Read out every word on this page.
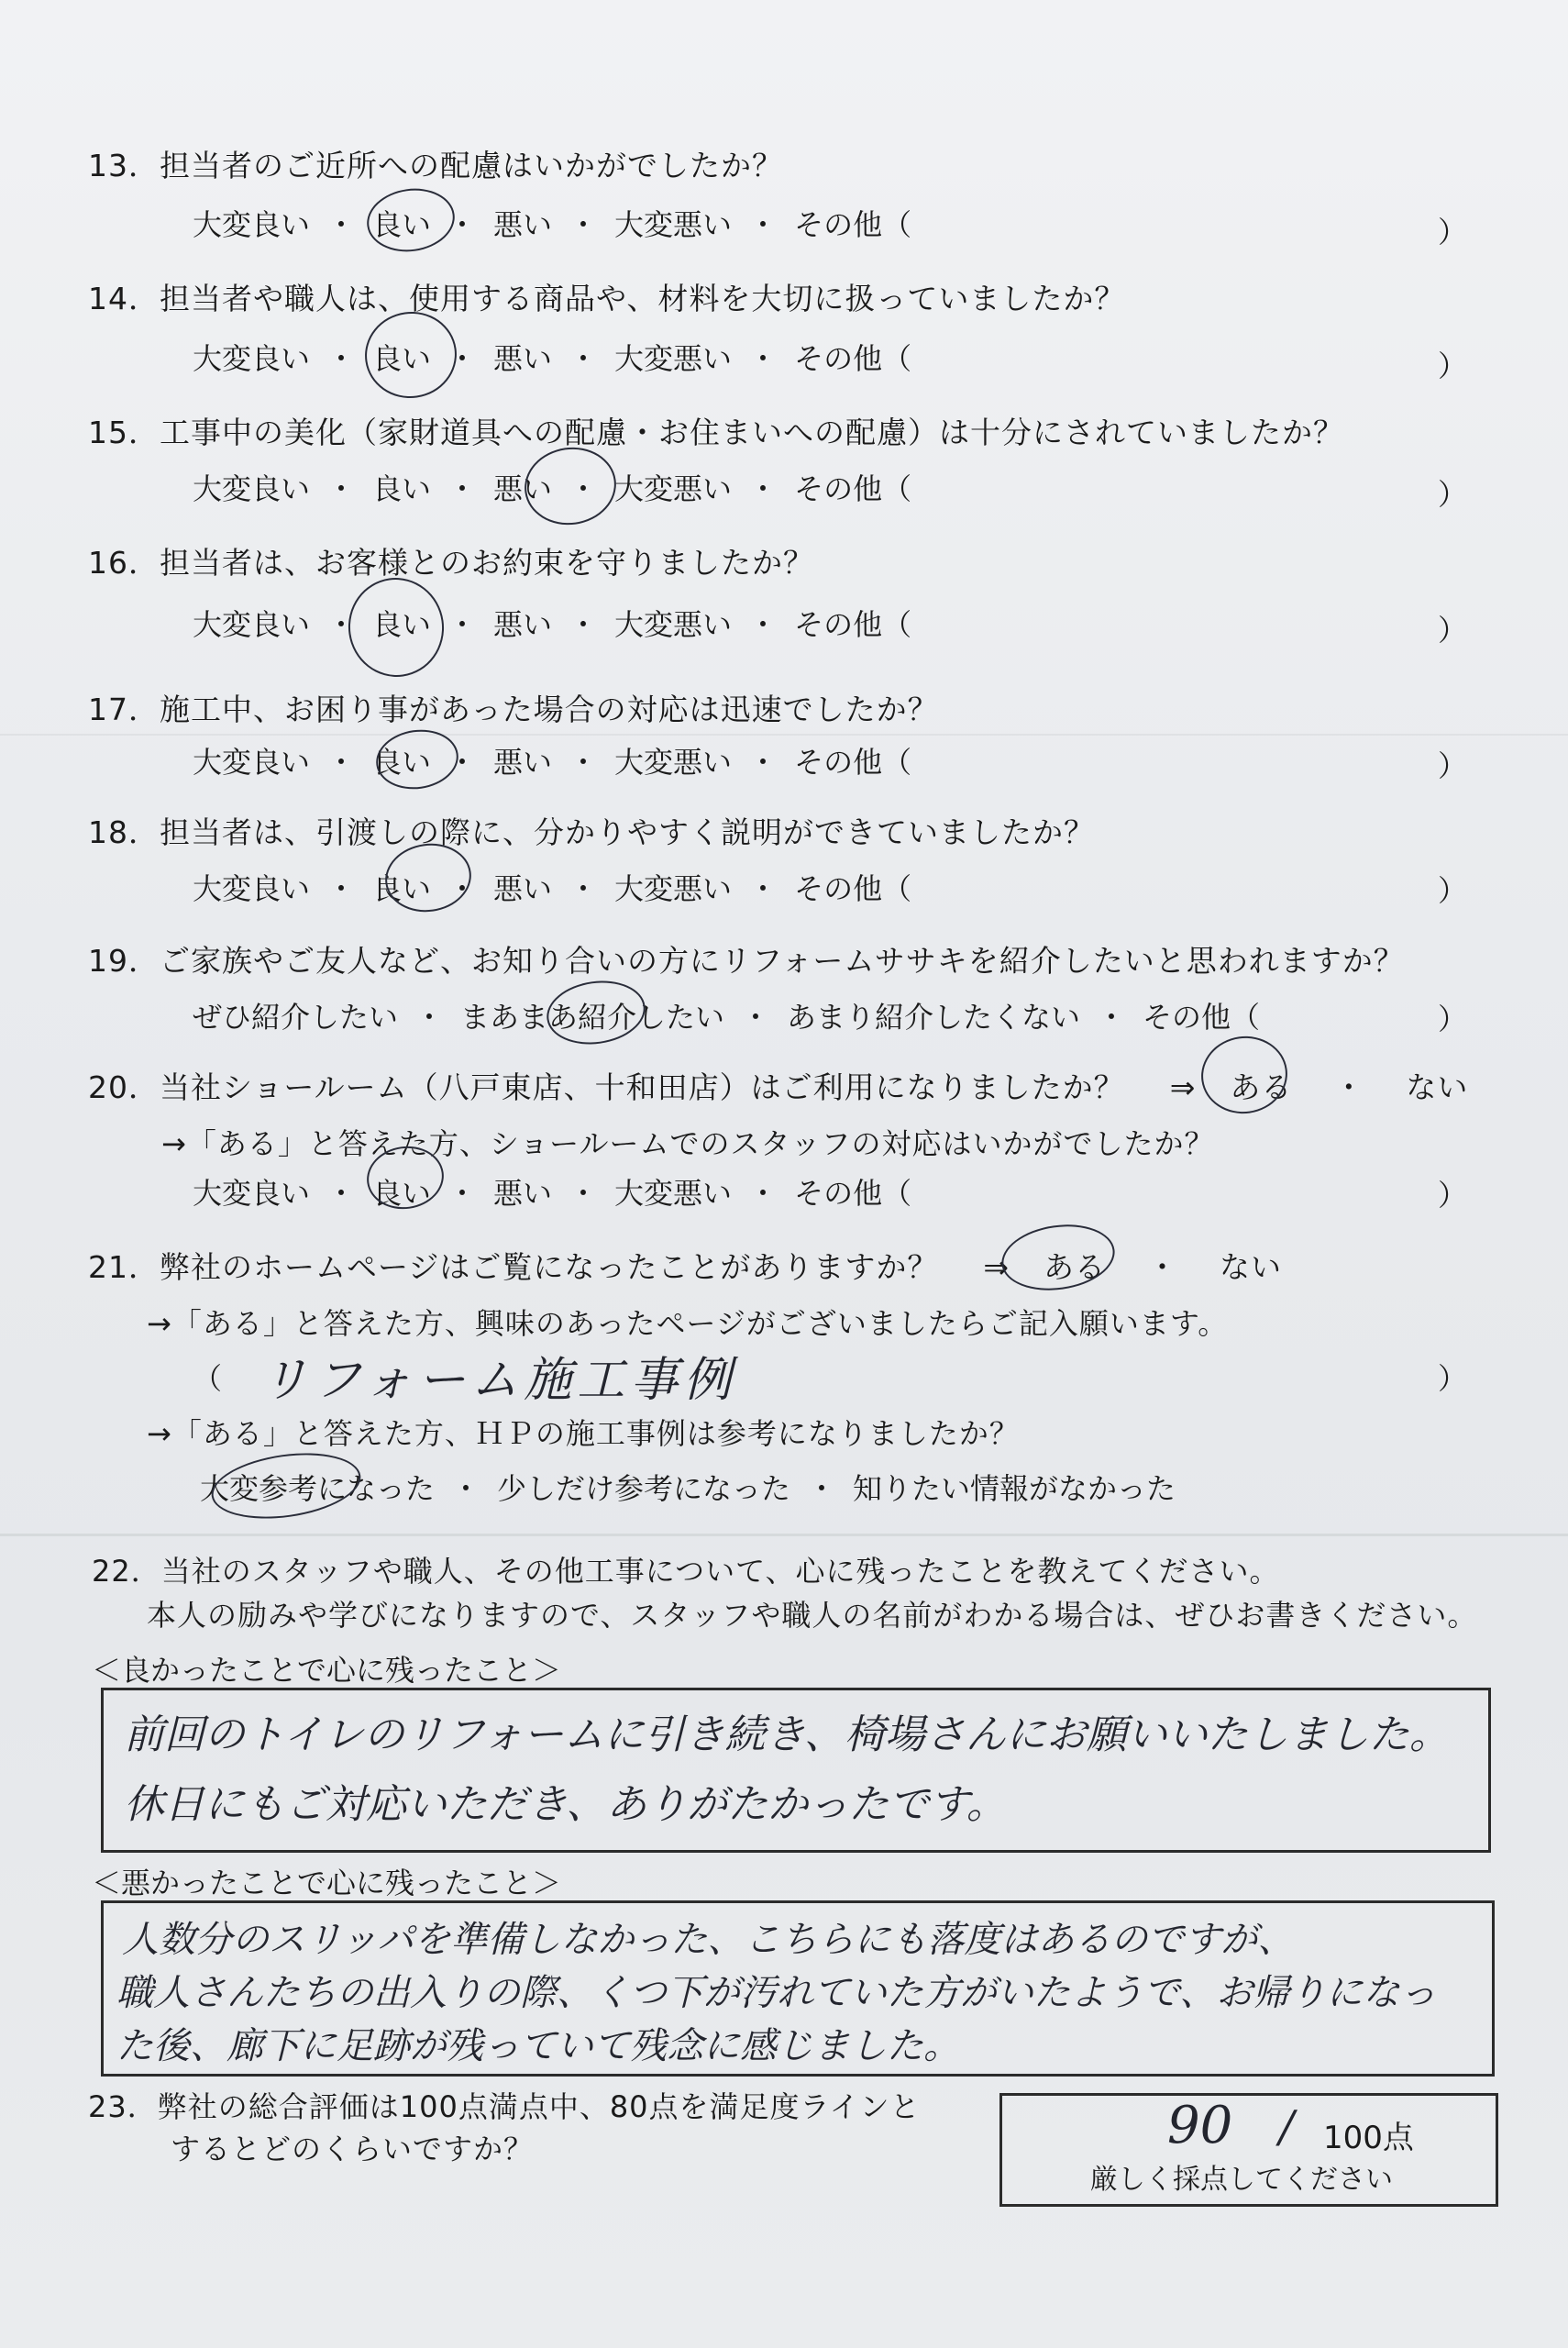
13．担当者のご近所への配慮はいかがでしたか？
大変良い ・ 良い ・ 悪い ・ 大変悪い ・ その他（	）
14．担当者や職人は、使用する商品や、材料を大切に扱っていましたか？
大変良い ・ 良い ・ 悪い ・ 大変悪い ・ その他（	）
15．工事中の美化（家財道具への配慮・お住まいへの配慮）は十分にされていましたか？
大変良い ・ 良い ・ 悪い ・ 大変悪い ・ その他（	）
16．担当者は、お客様とのお約束を守りましたか？
大変良い ・ 良い ・ 悪い ・ 大変悪い ・ その他（	）
17．施工中、お困り事があった場合の対応は迅速でしたか？
大変良い ・ 良い ・ 悪い ・ 大変悪い ・ その他（	）
18．担当者は、引渡しの際に、分かりやすく説明ができていましたか？
大変良い ・ 良い ・ 悪い ・ 大変悪い ・ その他（	）
19．ご家族やご友人など、お知り合いの方にリフォームササキを紹介したいと思われますか？
ぜひ紹介したい ・ まあまあ紹介したい ・ あまり紹介したくない ・ その他（	）
20．当社ショールーム（八戸東店、十和田店）はご利用になりましたか？ ⇒ ある ・ ない
→「ある」と答えた方、ショールームでのスタッフの対応はいかがでしたか？
大変良い ・ 良い ・ 悪い ・ 大変悪い ・ その他（	）
21．弊社のホームページはご覧になったことがありますか？ ⇒ ある ・ ない
→「ある」と答えた方、興味のあったページがございましたらご記入願います。
（ リフォーム施工事例	）
→「ある」と答えた方、ＨＰの施工事例は参考になりましたか？
大変参考になった ・ 少しだけ参考になった ・ 知りたい情報がなかった
22．当社のスタッフや職人、その他工事について、心に残ったことを教えてください。
本人の励みや学びになりますので、スタッフや職人の名前がわかる場合は、ぜひお書きください。
＜良かったことで心に残ったこと＞
前回のトイレのリフォームに引き続き、椅場さんにお願いいたしました。
休日にもご対応いただき、ありがたかったです。
＜悪かったことで心に残ったこと＞
人数分のスリッパを準備しなかった、こちらにも落度はあるのですが、
職人さんたちの出入りの際、くつ下が汚れていた方がいたようで、お帰りになっ
た後、廊下に足跡が残っていて残念に感じました。
23．弊社の総合評価は100点満点中、80点を満足度ラインと
するとどのくらいですか？	90 / 100点
厳しく採点してください
